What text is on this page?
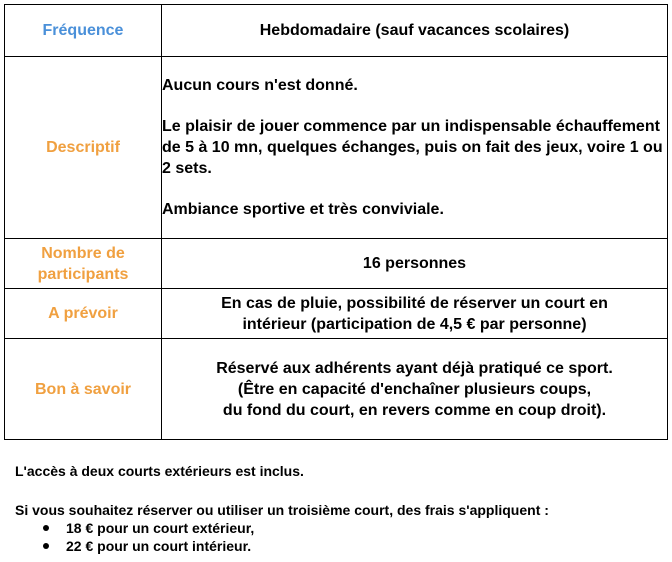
Fréquence	Hebdomadaire (sauf vacances scolaires)
Descriptif	Aucun cours n'est donné.

Le plaisir de jouer commence par un indispensable échauffement de 5 à 10 mn, quelques échanges, puis on fait des jeux, voire 1 ou 2 sets.

Ambiance sportive et très conviviale.

Nombre de participants	16 personnes
A prévoir	En cas de pluie, possibilité de réserver un court en
intérieur (participation de 4,5 € par personne)

Bon à savoir	Réservé aux adhérents ayant déjà pratiqué ce sport.
(Être en capacité d'enchaîner plusieurs coups,
du fond du court, en revers comme en coup droit).

L'accès à deux courts extérieurs est inclus.

Si vous souhaitez réserver ou utiliser un troisième court, des frais s'appliquent :

18 € pour un court extérieur,
22 € pour un court intérieur.
